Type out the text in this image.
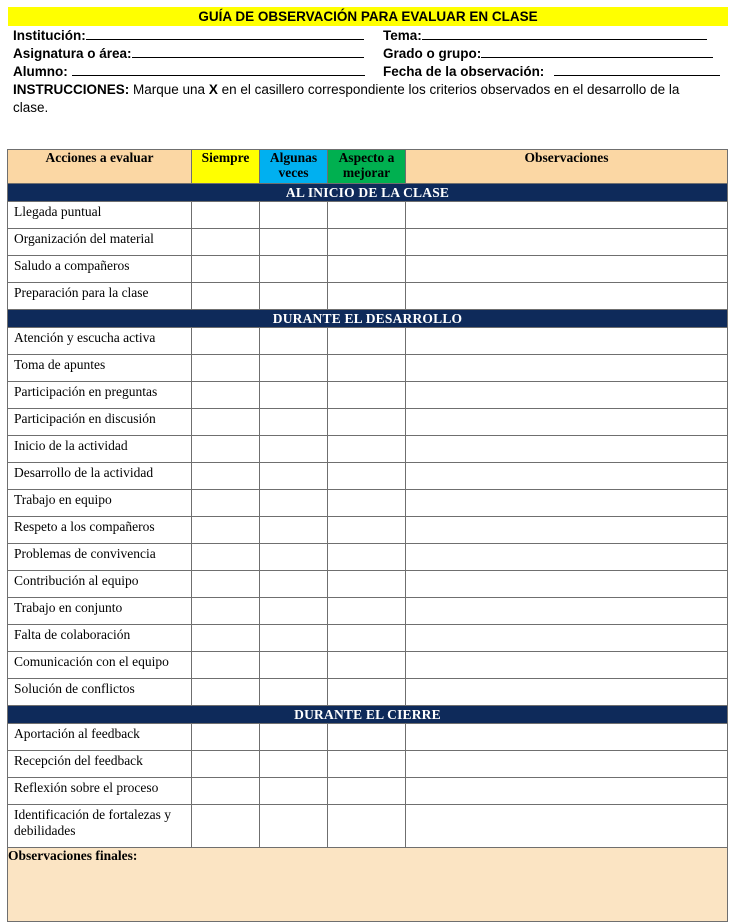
GUÍA DE OBSERVACIÓN PARA EVALUAR EN CLASE
Institución:	Tema:
Asignatura o área:	Grado o grupo:
Alumno:	Fecha de la observación:
INSTRUCCIONES: Marque una X en el casillero correspondiente los criterios observados en el desarrollo de la clase.
Acciones a evaluar	Siempre	Algunas veces	Aspecto a mejorar	Observaciones
AL INICIO DE LA CLASE				
Llegada puntual				
Organización del material				
Saludo a compañeros				
Preparación para la clase				
DURANTE EL DESARROLLO				
Atención y escucha activa				
Toma de apuntes				
Participación en preguntas				
Participación en discusión				
Inicio de la actividad				
Desarrollo de la actividad				
Trabajo en equipo				
Respeto a los compañeros				
Problemas de convivencia				
Contribución al equipo				
Trabajo en conjunto				
Falta de colaboración				
Comunicación con el equipo				
Solución de conflictos				
DURANTE EL CIERRE				
Aportación al feedback				
Recepción del feedback				
Reflexión sobre el proceso				
Identificación de fortalezas y debilidades				
Observaciones finales:				
